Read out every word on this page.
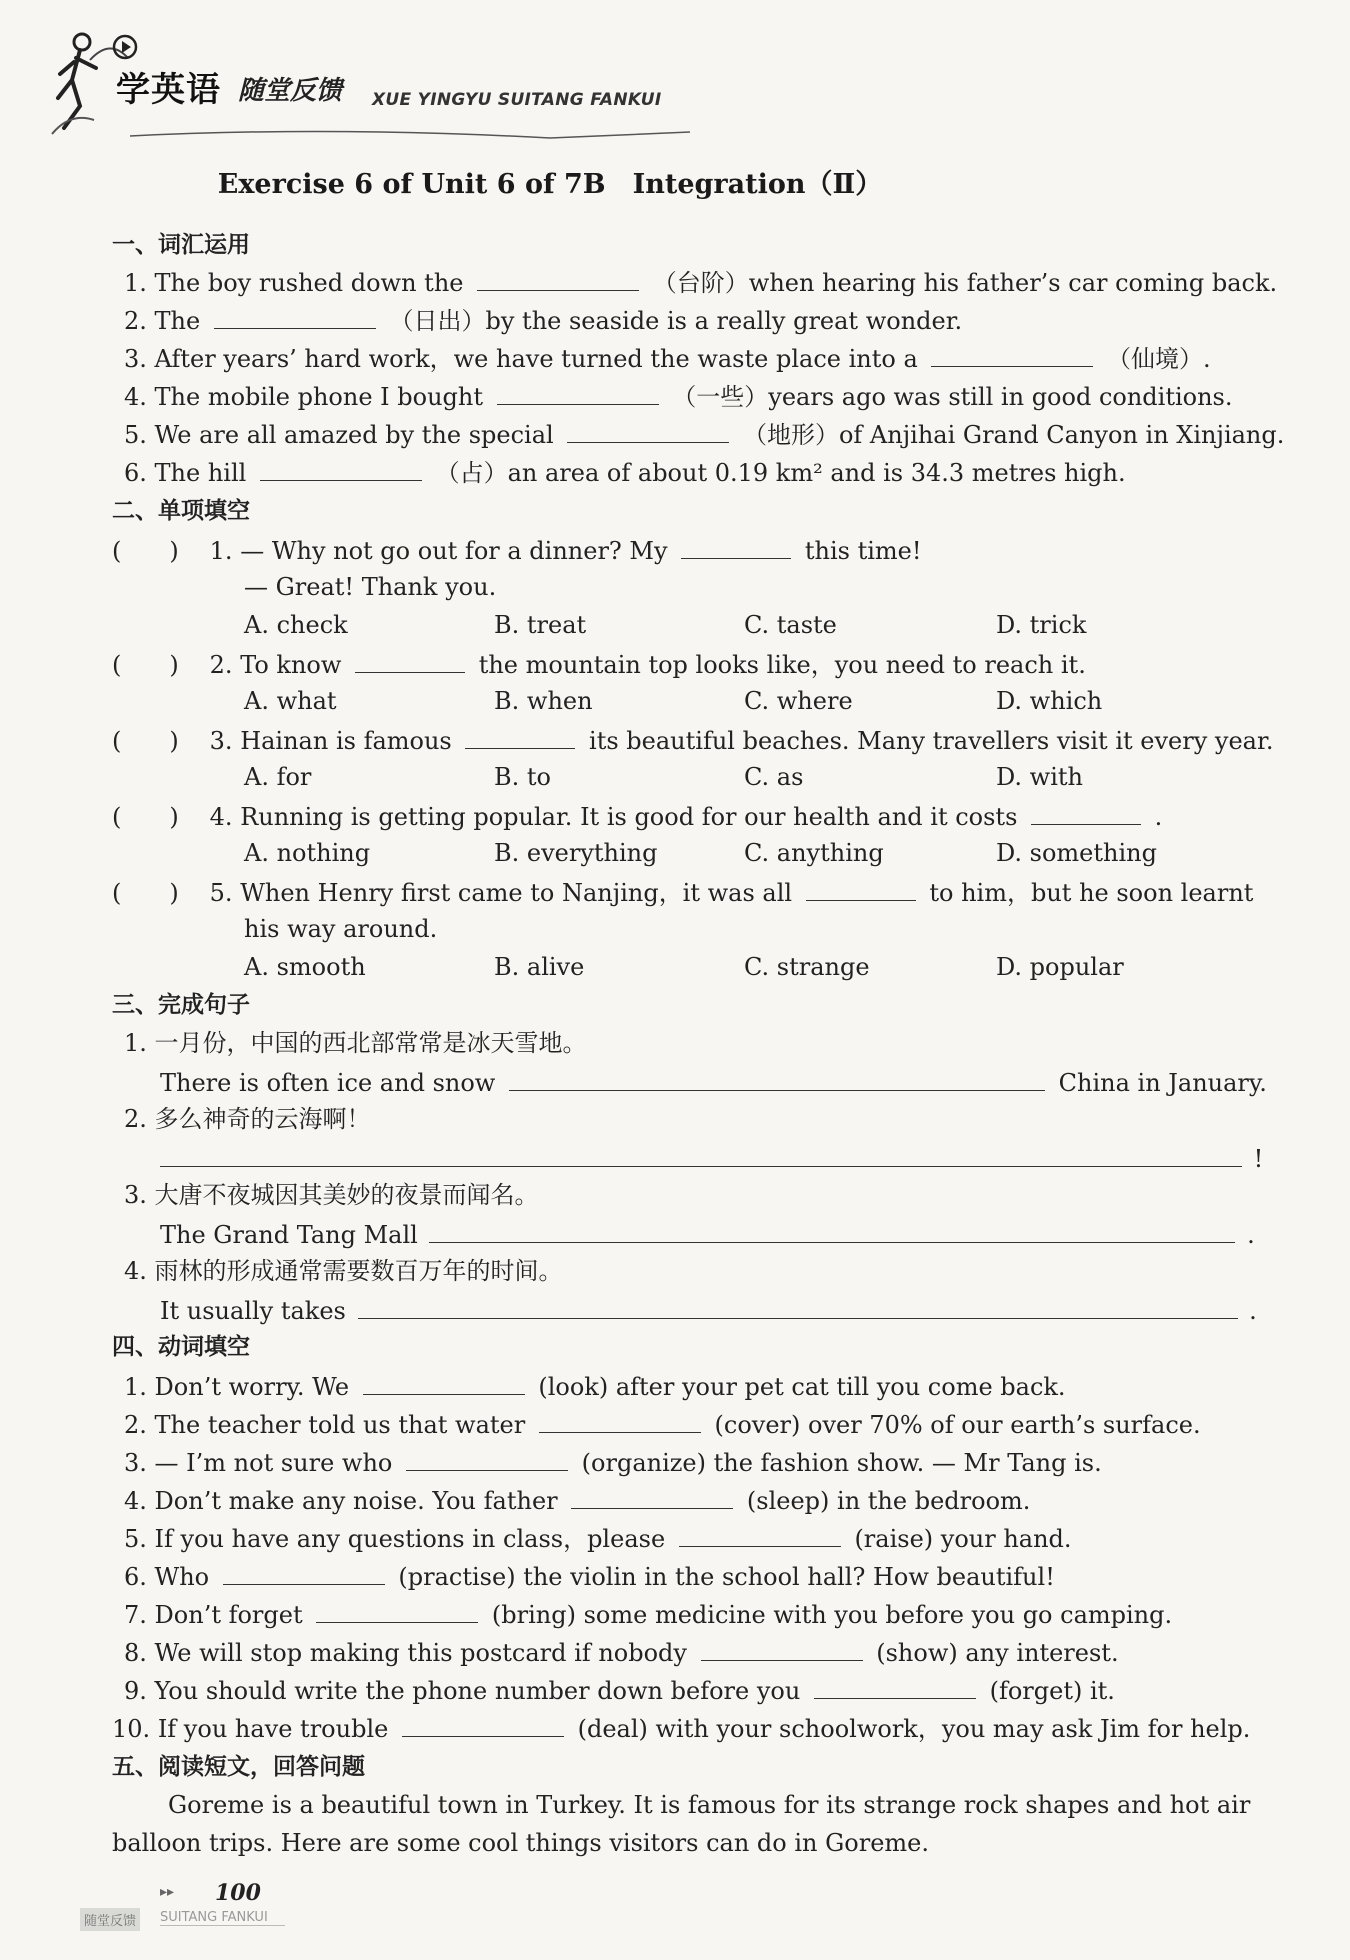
学英语 随堂反馈 XUE YINGYU SUITANG FANKUI
Exercise 6 of Unit 6 of 7B　Integration（Ⅱ）
一、词汇运用
1. The boy rushed down the	（台阶）when hearing his father’s car coming back.
2. The	（日出）by the seaside is a really great wonder.
3. After years’ hard work，we have turned the waste place into a	（仙境）.
4. The mobile phone I bought	（一些）years ago was still in good conditions.
5. We are all amazed by the special	（地形）of Anjihai Grand Canyon in Xinjiang.
6. The hill	（占）an area of about 0.19 km² and is 34.3 metres high.
二、单项填空
(　　) 1. — Why not go out for a dinner? My	this time!
— Great! Thank you.
A. check	B. treat	C. taste	D. trick
(　　) 2. To know	the mountain top looks like，you need to reach it.
A. what	B. when	C. where	D. which
(　　) 3. Hainan is famous	its beautiful beaches. Many travellers visit it every year.
A. for	B. to	C. as	D. with
(　　) 4. Running is getting popular. It is good for our health and it costs	.
A. nothing	B. everything	C. anything	D. something
(　　) 5. When Henry first came to Nanjing，it was all	to him，but he soon learnt
his way around.
A. smooth	B. alive	C. strange	D. popular
三、完成句子
1. 一月份，中国的西北部常常是冰天雪地。
There is often ice and snow	China in January.
2. 多么神奇的云海啊！
!
3. 大唐不夜城因其美妙的夜景而闻名。
The Grand Tang Mall	.
4. 雨林的形成通常需要数百万年的时间。
It usually takes	.
四、动词填空
1. Don’t worry. We	(look) after your pet cat till you come back.
2. The teacher told us that water	(cover) over 70% of our earth’s surface.
3. — I’m not sure who	(organize) the fashion show. — Mr Tang is.
4. Don’t make any noise. You father	(sleep) in the bedroom.
5. If you have any questions in class，please	(raise) your hand.
6. Who	(practise) the violin in the school hall? How beautiful!
7. Don’t forget	(bring) some medicine with you before you go camping.
8. We will stop making this postcard if nobody	(show) any interest.
9. You should write the phone number down before you	(forget) it.
10. If you have trouble	(deal) with your schoolwork，you may ask Jim for help.
五、阅读短文，回答问题
Goreme is a beautiful town in Turkey. It is famous for its strange rock shapes and hot air balloon trips. Here are some cool things visitors can do in Goreme.
▸▸ 100
随堂反馈	SUITANG FANKUI
